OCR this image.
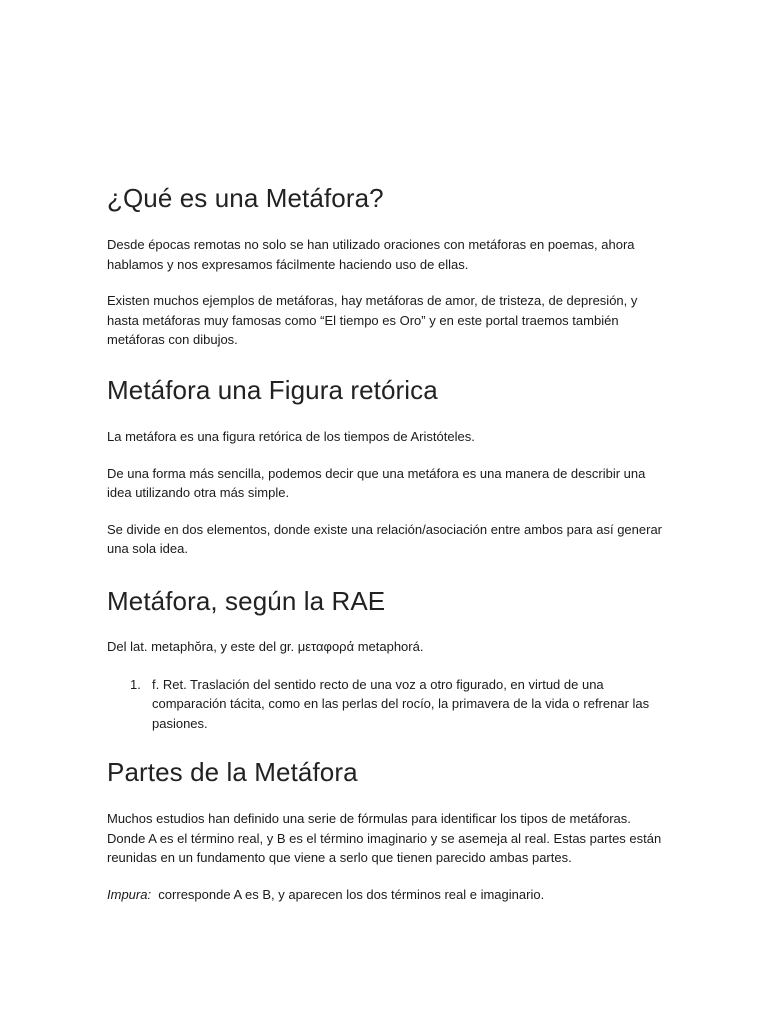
¿Qué es una Metáfora?

Desde épocas remotas no solo se han utilizado oraciones con metáforas en poemas, ahora hablamos y nos expresamos fácilmente haciendo uso de ellas.

Existen muchos ejemplos de metáforas, hay metáforas de amor, de tristeza, de depresión, y hasta metáforas muy famosas como “El tiempo es Oro” y en este portal traemos también metáforas con dibujos.

Metáfora una Figura retórica

La metáfora es una figura retórica de los tiempos de Aristóteles.

De una forma más sencilla, podemos decir que una metáfora es una manera de describir una idea utilizando otra más simple.

Se divide en dos elementos, donde existe una relación/asociación entre ambos para así generar una sola idea.

Metáfora, según la RAE

Del lat. metaphŏra, y este del gr. μεταφορά metaphorá.

1. f. Ret. Traslación del sentido recto de una voz a otro figurado, en virtud de una comparación tácita, como en las perlas del rocío, la primavera de la vida o refrenar las pasiones.
Partes de la Metáfora

Muchos estudios han definido una serie de fórmulas para identificar los tipos de metáforas. Donde A es el término real, y B es el término imaginario y se asemeja al real. Estas partes están reunidas en un fundamento que viene a serlo que tienen parecido ambas partes.

Impura:  corresponde A es B, y aparecen los dos términos real e imaginario.
